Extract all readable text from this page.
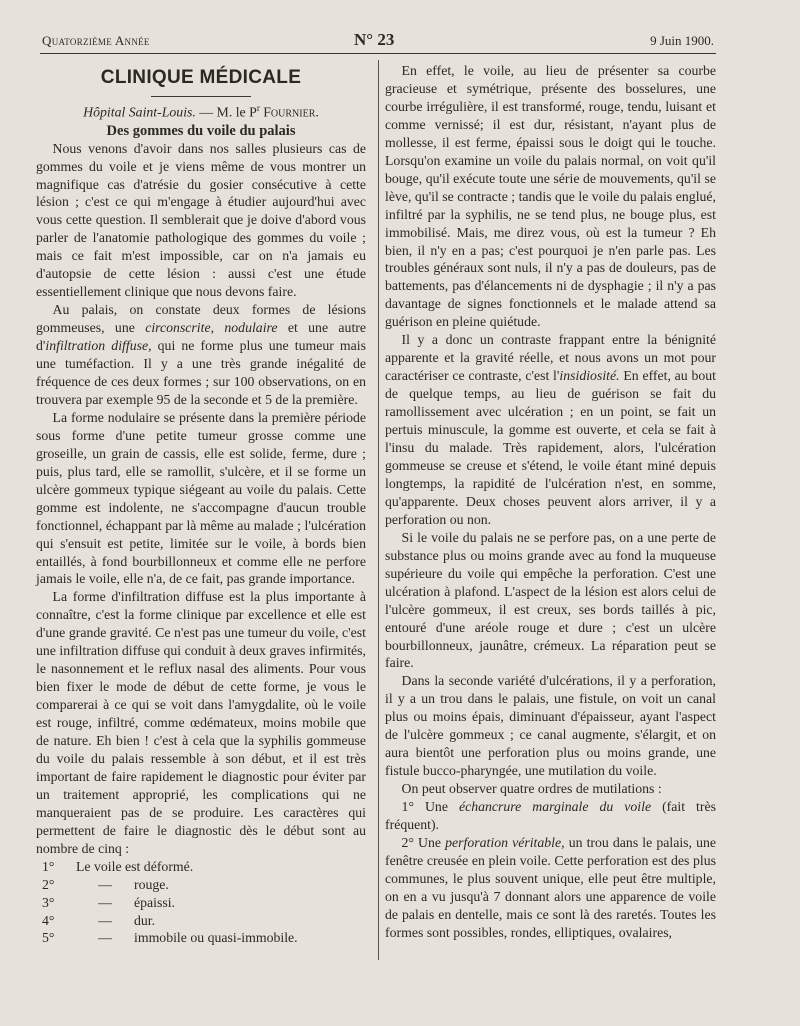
Quatorzième Année	N° 23	9 Juin 1900.
CLINIQUE MÉDICALE
Hôpital Saint-Louis. — M. le $P^r$ Fournier.
Des gommes du voile du palais

Nous venons d'avoir dans nos salles plusieurs cas de gommes du voile et je viens même de vous montrer un magnifique cas d'atrésie du gosier consécutive à cette lésion ; c'est ce qui m'engage à étudier aujourd'hui avec vous cette question. Il semblerait que je doive d'abord vous parler de l'anatomie pathologique des gommes du voile ; mais ce fait m'est impossible, car on n'a jamais eu d'autopsie de cette lésion : aussi c'est une étude essentiellement clinique que nous devons faire.

Au palais, on constate deux formes de lésions gommeuses, une circonscrite, nodulaire et une autre d'infiltration diffuse, qui ne forme plus une tumeur mais une tuméfaction. Il y a une très grande inégalité de fréquence de ces deux formes ; sur 100 observations, on en trouvera par exemple 95 de la seconde et 5 de la première.

La forme nodulaire se présente dans la première période sous forme d'une petite tumeur grosse comme une groseille, un grain de cassis, elle est solide, ferme, dure ; puis, plus tard, elle se ramollit, s'ulcère, et il se forme un ulcère gommeux typique siégeant au voile du palais. Cette gomme est indolente, ne s'accompagne d'aucun trouble fonctionnel, échappant par là même au malade ; l'ulcération qui s'ensuit est petite, limitée sur le voile, à bords bien entaillés, à fond bourbillonneux et comme elle ne perfore jamais le voile, elle n'a, de ce fait, pas grande importance.

La forme d'infiltration diffuse est la plus importante à connaître, c'est la forme clinique par excellence et elle est d'une grande gravité. Ce n'est pas une tumeur du voile, c'est une infiltration diffuse qui conduit à deux graves infirmités, le nasonnement et le reflux nasal des aliments. Pour vous bien fixer le mode de début de cette forme, je vous le comparerai à ce qui se voit dans l'amygdalite, où le voile est rouge, infiltré, comme œdémateux, moins mobile que de nature. Eh bien ! c'est à cela que la syphilis gommeuse du voile du palais ressemble à son début, et il est très important de faire rapidement le diagnostic pour éviter par un traitement approprié, les complications qui ne manqueraient pas de se produire. Les caractères qui permettent de faire le diagnostic dès le début sont au nombre de cinq :

1°	Le voile est déformé.
2°	—	rouge.
3°	—	épaissi.
4°	—	dur.
5°	—	immobile ou quasi-immobile.

En effet, le voile, au lieu de présenter sa courbe gracieuse et symétrique, présente des bosselures, une courbe irrégulière, il est transformé, rouge, tendu, luisant et comme vernissé; il est dur, résistant, n'ayant plus de mollesse, il est ferme, épaissi sous le doigt qui le touche. Lorsqu'on examine un voile du palais normal, on voit qu'il bouge, qu'il exécute toute une série de mouvements, qu'il se lève, qu'il se contracte ; tandis que le voile du palais englué, infiltré par la syphilis, ne se tend plus, ne bouge plus, est immobilisé. Mais, me direz vous, où est la tumeur ? Eh bien, il n'y en a pas; c'est pourquoi je n'en parle pas. Les troubles généraux sont nuls, il n'y a pas de douleurs, pas de battements, pas d'élancements ni de dysphagie ; il n'y a pas davantage de signes fonctionnels et le malade attend sa guérison en pleine quiétude.

Il y a donc un contraste frappant entre la bénignité apparente et la gravité réelle, et nous avons un mot pour caractériser ce contraste, c'est l'insidiosité. En effet, au bout de quelque temps, au lieu de guérison se fait du ramollissement avec ulcération ; en un point, se fait un pertuis minuscule, la gomme est ouverte, et cela se fait à l'insu du malade. Très rapidement, alors, l'ulcération gommeuse se creuse et s'étend, le voile étant miné depuis longtemps, la rapidité de l'ulcération n'est, en somme, qu'apparente. Deux choses peuvent alors arriver, il y a perforation ou non.

Si le voile du palais ne se perfore pas, on a une perte de substance plus ou moins grande avec au fond la muqueuse supérieure du voile qui empêche la perforation. C'est une ulcération à plafond. L'aspect de la lésion est alors celui de l'ulcère gommeux, il est creux, ses bords taillés à pic, entouré d'une aréole rouge et dure ; c'est un ulcère bourbillonneux, jaunâtre, crémeux. La réparation peut se faire.

Dans la seconde variété d'ulcérations, il y a perforation, il y a un trou dans le palais, une fistule, on voit un canal plus ou moins épais, diminuant d'épaisseur, ayant l'aspect de l'ulcère gommeux ; ce canal augmente, s'élargit, et on aura bientôt une perforation plus ou moins grande, une fistule bucco-pharyngée, une mutilation du voile.

On peut observer quatre ordres de mutilations :

1° Une échancrure marginale du voile (fait très fréquent).

2° Une perforation véritable, un trou dans le palais, une fenêtre creusée en plein voile. Cette perforation est des plus communes, le plus souvent unique, elle peut être multiple, on en a vu jusqu'à 7 donnant alors une apparence de voile de palais en dentelle, mais ce sont là des raretés. Toutes les formes sont possibles, rondes, elliptiques, ovalaires,
